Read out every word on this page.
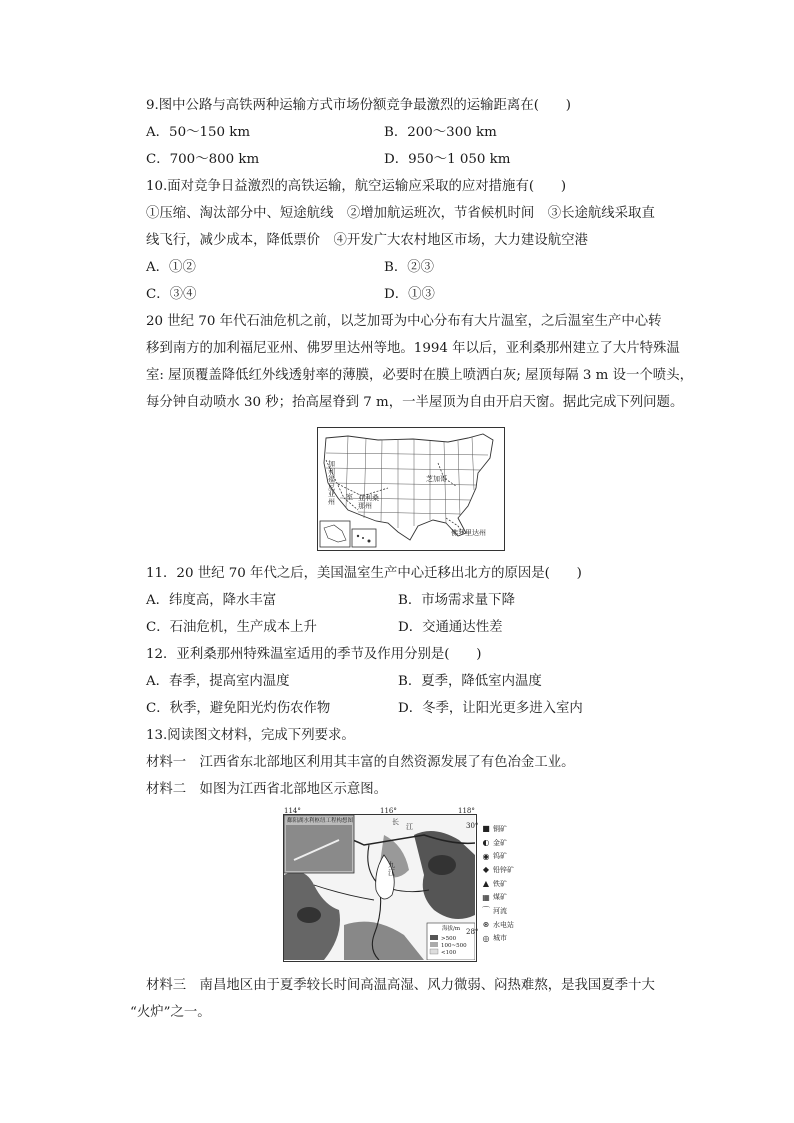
9.图中公路与高铁两种运输方式市场份额竞争最激烈的运输距离在(　　)
A．50～150 km	B．200～300 km
C．700～800 km	D．950～1 050 km
10.面对竞争日益激烈的高铁运输，航空运输应采取的应对措施有(　　)
①压缩、淘汰部分中、短途航线　②增加航运班次，节省候机时间　③长途航线采取直
线飞行，减少成本，降低票价　④开发广大农村地区市场，大力建设航空港
A．①②	B．②③
C．③④	D．①③
20 世纪 70 年代石油危机之前，以芝加哥为中心分布有大片温室，之后温室生产中心转
移到南方的加利福尼亚州、佛罗里达州等地。1994 年以后，亚利桑那州建立了大片特殊温
室: 屋顶覆盖降低红外线透射率的薄膜，必要时在膜上喷洒白灰; 屋顶每隔 3 m 设一个喷头，
每分钟自动喷水 30 秒；抬高屋脊到 7 m，一半屋顶为自由开启天窗。据此完成下列问题。
加利福尼亚州
芝加哥
室 亚利桑那州
佛罗里达州
11．20 世纪 70 年代之后，美国温室生产中心迁移出北方的原因是(　　)
A．纬度高，降水丰富	B．市场需求量下降
C．石油危机，生产成本上升	D．交通通达性差
12．亚利桑那州特殊温室适用的季节及作用分别是(　　)
A．春季，提高室内温度	B．夏季，降低室内温度
C．秋季，避免阳光灼伤农作物	D．冬季，让阳光更多进入室内
13.阅读图文材料，完成下列要求。
材料一　江西省东北部地区利用其丰富的自然资源发展了有色冶金工业。
材料二　如图为江西省北部地区示意图。
鄱阳湖水利枢纽工程构想图	长
江
九江
海拔/m
>500
100~500
<100
114°	116°	118°
30°
28°
■ 铜矿
◐ 金矿
◉ 钨矿
◆ 铅锌矿
▲ 铁矿
▦ 煤矿
⌒ 河流
⊛ 水电站
◎ 城市
材料三　南昌地区由于夏季较长时间高温高湿、风力微弱、闷热难熬，是我国夏季十大
“火炉”之一。
